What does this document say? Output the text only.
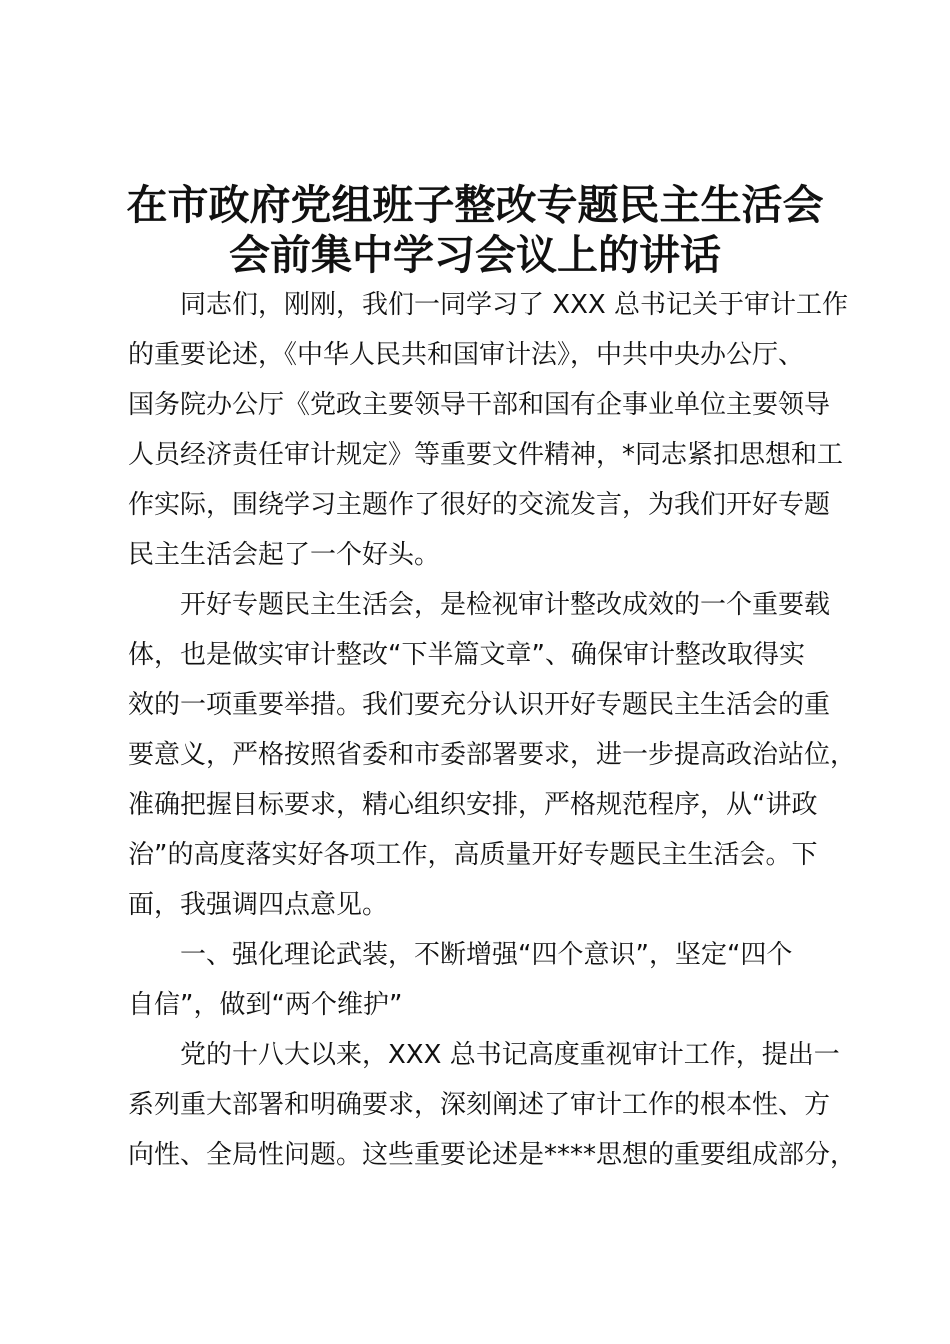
在市政府党组班子整改专题民主生活会
会前集中学习会议上的讲话
同志们，刚刚，我们一同学习了 XXX 总书记关于审计工作
的重要论述，《中华人民共和国审计法》，中共中央办公厅、
国务院办公厅《党政主要领导干部和国有企事业单位主要领导
人员经济责任审计规定》等重要文件精神，*同志紧扣思想和工
作实际，围绕学习主题作了很好的交流发言，为我们开好专题
民主生活会起了一个好头。
开好专题民主生活会，是检视审计整改成效的一个重要载
体，也是做实审计整改“下半篇文章”、确保审计整改取得实
效的一项重要举措。我们要充分认识开好专题民主生活会的重
要意义，严格按照省委和市委部署要求，进一步提高政治站位，
准确把握目标要求，精心组织安排，严格规范程序，从“讲政
治”的高度落实好各项工作，高质量开好专题民主生活会。下
面，我强调四点意见。
一、强化理论武装，不断增强“四个意识”，坚定“四个
自信”，做到“两个维护”
党的十八大以来，XXX 总书记高度重视审计工作，提出一
系列重大部署和明确要求，深刻阐述了审计工作的根本性、方
向性、全局性问题。这些重要论述是****思想的重要组成部分，
